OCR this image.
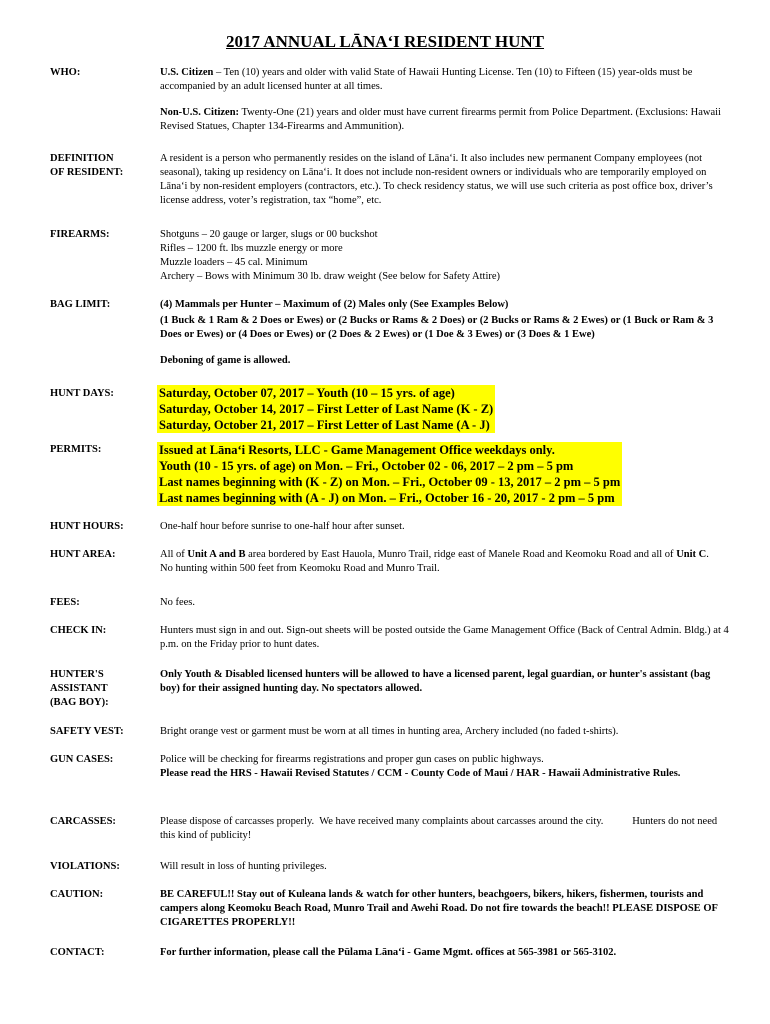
2017 ANNUAL LĀNAʻI RESIDENT HUNT
WHO:	U.S. Citizen – Ten (10) years and older with valid State of Hawaii Hunting License. Ten (10) to Fifteen (15) year-olds must be accompanied by an adult licensed hunter at all times.

Non-U.S. Citizen: Twenty-One (21) years and older must have current firearms permit from Police Department. (Exclusions: Hawaii Revised Statues, Chapter 134-Firearms and Ammunition).

DEFINITION
OF RESIDENT:
A resident is a person who permanently resides on the island of Lānaʻi. It also includes new permanent Company employees (not seasonal), taking up residency on Lānaʻi. It does not include non-resident owners or individuals who are temporarily employed on Lānaʻi by non-resident employers (contractors, etc.). To check residency status, we will use such criteria as post office box, driver’s license address, voter’s registration, tax “home”, etc.
FIREARMS:	Shotguns – 20 gauge or larger, slugs or 00 buckshot
Rifles – 1200 ft. lbs muzzle energy or more
Muzzle loaders – 45 cal. Minimum
Archery – Bows with Minimum 30 lb. draw weight (See below for Safety Attire)
BAG LIMIT:	(4) Mammals per Hunter – Maximum of (2) Males only (See Examples Below)
(1 Buck & 1 Ram & 2 Does or Ewes) or (2 Bucks or Rams & 2 Does) or (2 Bucks or Rams & 2 Ewes) or (1 Buck or Ram & 3 Does or Ewes) or (4 Does or Ewes) or (2 Does & 2 Ewes) or (1 Doe & 3 Ewes) or (3 Does & 1 Ewe)
Deboning of game is allowed.
HUNT DAYS:	Saturday, October 07, 2017 – Youth (10 – 15 yrs. of age)
Saturday, October 14, 2017 – First Letter of Last Name (K - Z)
Saturday, October 21, 2017 – First Letter of Last Name (A - J)
PERMITS:	Issued at Lānaʻi Resorts, LLC - Game Management Office weekdays only.
Youth (10 - 15 yrs. of age) on Mon. – Fri., October 02 - 06, 2017 – 2 pm – 5 pm
Last names beginning with (K - Z) on Mon. – Fri., October 09 - 13, 2017 – 2 pm – 5 pm
Last names beginning with (A - J) on Mon. – Fri., October 16 - 20, 2017 - 2 pm – 5 pm
HUNT HOURS:	One-half hour before sunrise to one-half hour after sunset.
HUNT AREA:	All of Unit A and B area bordered by East Hauola, Munro Trail, ridge east of Manele Road and Keomoku Road and all of Unit C.
No hunting within 500 feet from Keomoku Road and Munro Trail.
FEES:	No fees.
CHECK IN:	Hunters must sign in and out. Sign-out sheets will be posted outside the Game Management Office (Back of Central Admin. Bldg.) at 4 p.m. on the Friday prior to hunt dates.
HUNTER'S
ASSISTANT
(BAG BOY):
Only Youth & Disabled licensed hunters will be allowed to have a licensed parent, legal guardian, or hunter's assistant (bag boy) for their assigned hunting day. No spectators allowed.
SAFETY VEST:	Bright orange vest or garment must be worn at all times in hunting area, Archery included (no faded t-shirts).
GUN CASES:	Police will be checking for firearms registrations and proper gun cases on public highways.
Please read the HRS - Hawaii Revised Statutes / CCM - County Code of Maui / HAR - Hawaii Administrative Rules.
CARCASSES:	Please dispose of carcasses properly.  We have received many complaints about carcasses around the city.           Hunters do not need this kind of publicity!
VIOLATIONS:	Will result in loss of hunting privileges.
CAUTION:	BE CAREFUL!! Stay out of Kuleana lands & watch for other hunters, beachgoers, bikers, hikers, fishermen, tourists and campers along Keomoku Beach Road, Munro Trail and Awehi Road. Do not fire towards the beach!! PLEASE DISPOSE OF CIGARETTES PROPERLY!!
CONTACT:	For further information, please call the Pūlama Lānaʻi - Game Mgmt. offices at 565-3981 or 565-3102.
